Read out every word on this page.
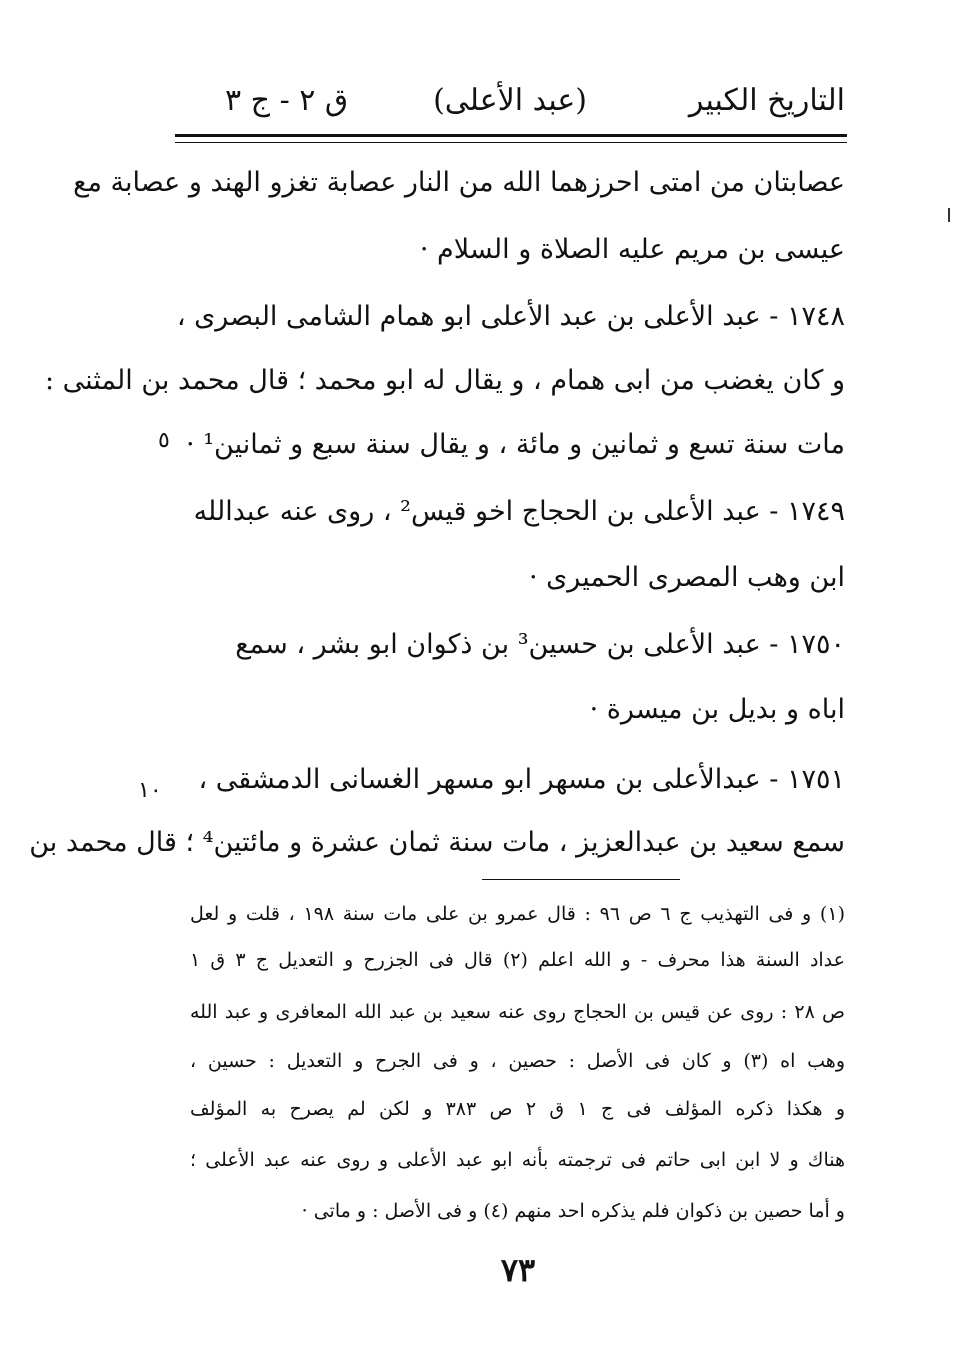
التاريخ الكبير
(عبد الأعلى)
ق ٢ - ج ٣
عصابتان من امتى احرزهما الله من النار عصابة تغزو الهند و عصابة مع
عيسى بن مريم عليه الصلاة و السلام ·
١٧٤٨ - عبد الأعلى بن عبد الأعلى ابو همام الشامى البصرى ،
و كان يغضب من ابى همام ، و يقال له ابو محمد ؛ قال محمد بن المثنى :
مات سنة تسع و ثمانين و مائة ، و يقال سنة سبع و ثمانين¹ ·
١٧٤٩ - عبد الأعلى بن الحجاج اخو قيس² ، روى عنه عبدالله
ابن وهب المصرى الحميرى ·
١٧٥٠ - عبد الأعلى بن حسين³ بن ذكوان ابو بشر ، سمع
اباه و بديل بن ميسرة ·
١٧٥١ - عبدالأعلى بن مسهر ابو مسهر الغسانى الدمشقى ،
سمع سعيد بن عبدالعزيز ، مات سنة ثمان عشرة و مائتين⁴ ؛ قال محمد بن
٥
١٠
(١) و فى التهذيب ج ٦ ص ٩٦ : قال عمرو بن على مات سنة ١٩٨ ، قلت و لعل
عداد السنة هذا محرف - و الله اعلم (٢) قال فى الجزرح و التعديل ج ٣ ق ١
ص ٢٨ : روى عن قيس بن الحجاج روى عنه سعيد بن عبد الله المعافرى و عبد الله
وهب اه (٣) و كان فى الأصل : حصين ، و فى الجرح و التعديل : حسين ،
و هكذا ذكره المؤلف فى ج ١ ق ٢ ص ٣٨٣ و لكن لم يصرح به المؤلف
هناك و لا ابن ابى حاتم فى ترجمته بأنه ابو عبد الأعلى و روى عنه عبد الأعلى ؛
و أما حصين بن ذكوان فلم يذكره احد منهم (٤) و فى الأصل : و ماتى ·
٧٣
